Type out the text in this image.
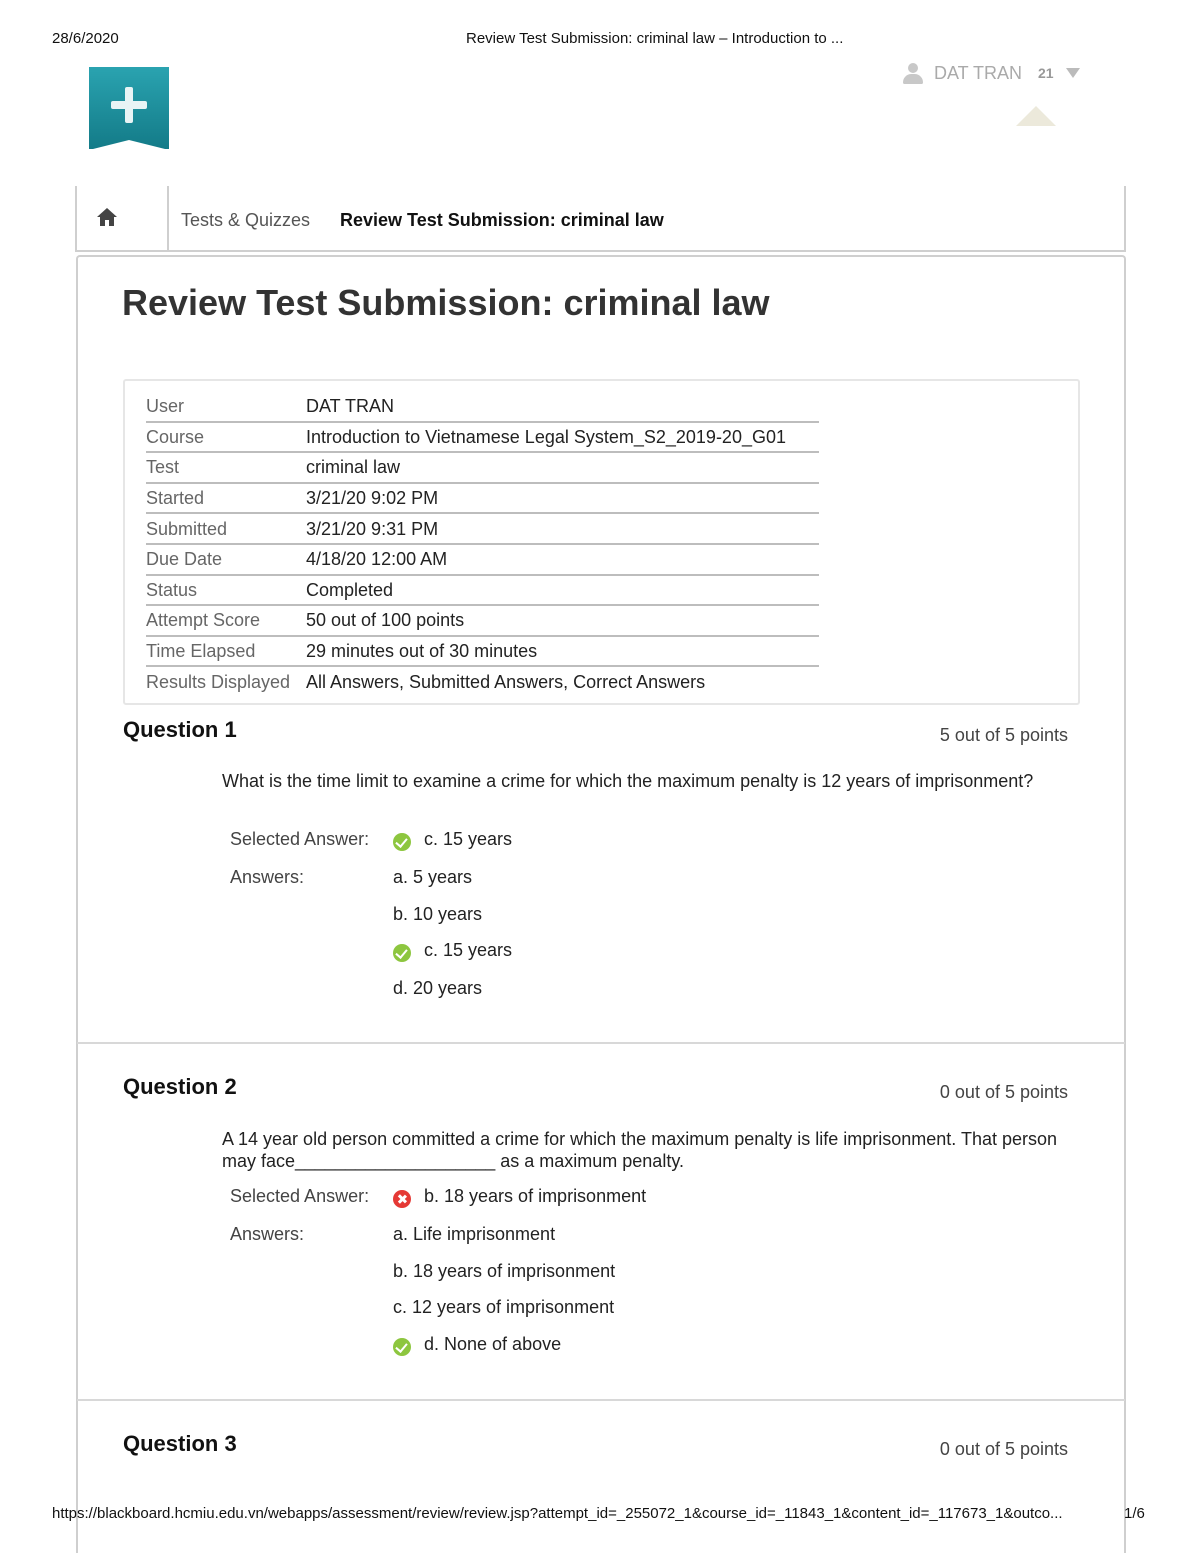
28/6/2020	Review Test Submission: criminal law – Introduction to ...
DAT TRAN 21
Tests & Quizzes Review Test Submission: criminal law
Review Test Submission: criminal law
User	DAT TRAN
Course	Introduction to Vietnamese Legal System_S2_2019-20_G01
Test	criminal law
Started	3/21/20 9:02 PM
Submitted	3/21/20 9:31 PM
Due Date	4/18/20 12:00 AM
Status	Completed
Attempt Score	50 out of 100 points
Time Elapsed	29 minutes out of 30 minutes
Results Displayed	All Answers, Submitted Answers, Correct Answers
Question 1	5 out of 5 points
What is the time limit to examine a crime for which the maximum penalty is 12 years of imprisonment?
Selected Answer:	c. 15 years
Answers:	a. 5 years
b. 10 years
c. 15 years
d. 20 years
Question 2	0 out of 5 points
A 14 year old person committed a crime for which the maximum penalty is life imprisonment. That person may face____________________ as a maximum penalty.
Selected Answer:	b. 18 years of imprisonment
Answers:	a. Life imprisonment
b. 18 years of imprisonment
c. 12 years of imprisonment
d. None of above
Question 3	0 out of 5 points
https://blackboard.hcmiu.edu.vn/webapps/assessment/review/review.jsp?attempt_id=_255072_1&course_id=_11843_1&content_id=_117673_1&outco...	1/6
